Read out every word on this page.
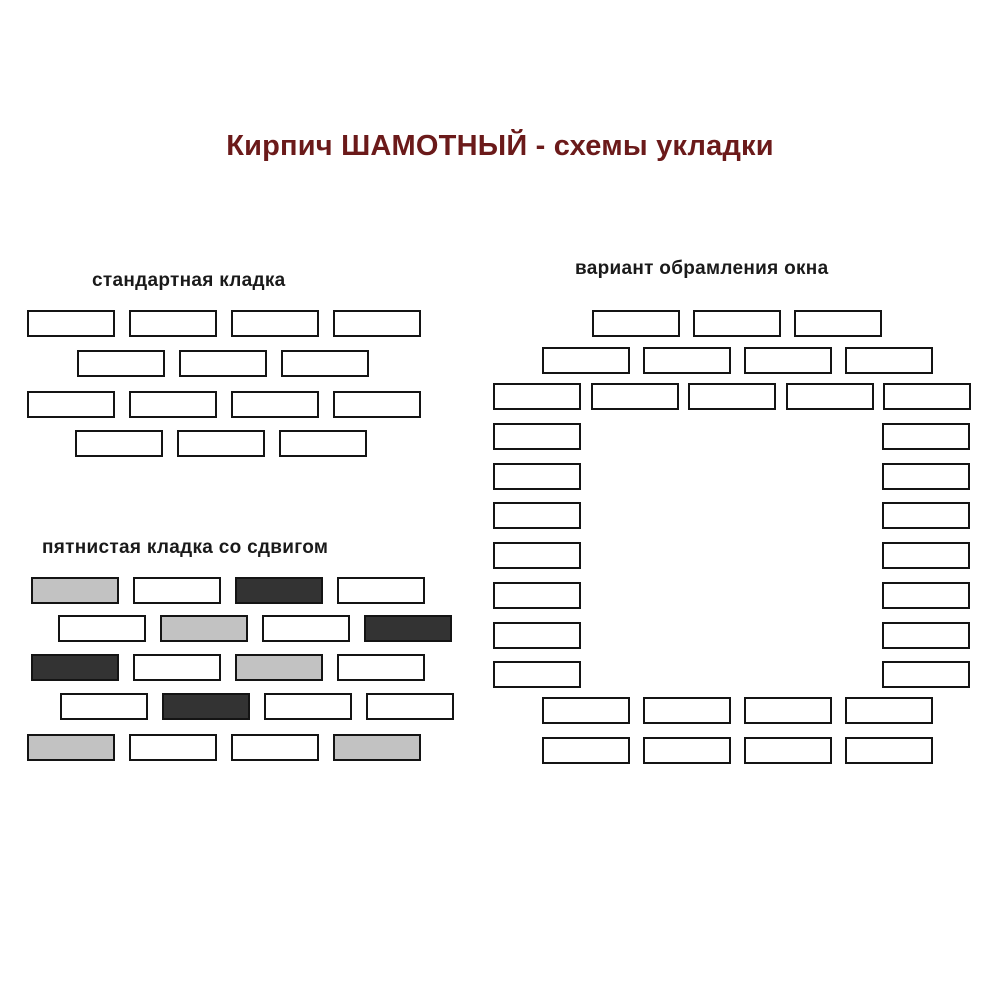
Кирпич ШАМОТНЫЙ - схемы укладки
стандартная кладка
пятнистая кладка со сдвигом
вариант обрамления окна
